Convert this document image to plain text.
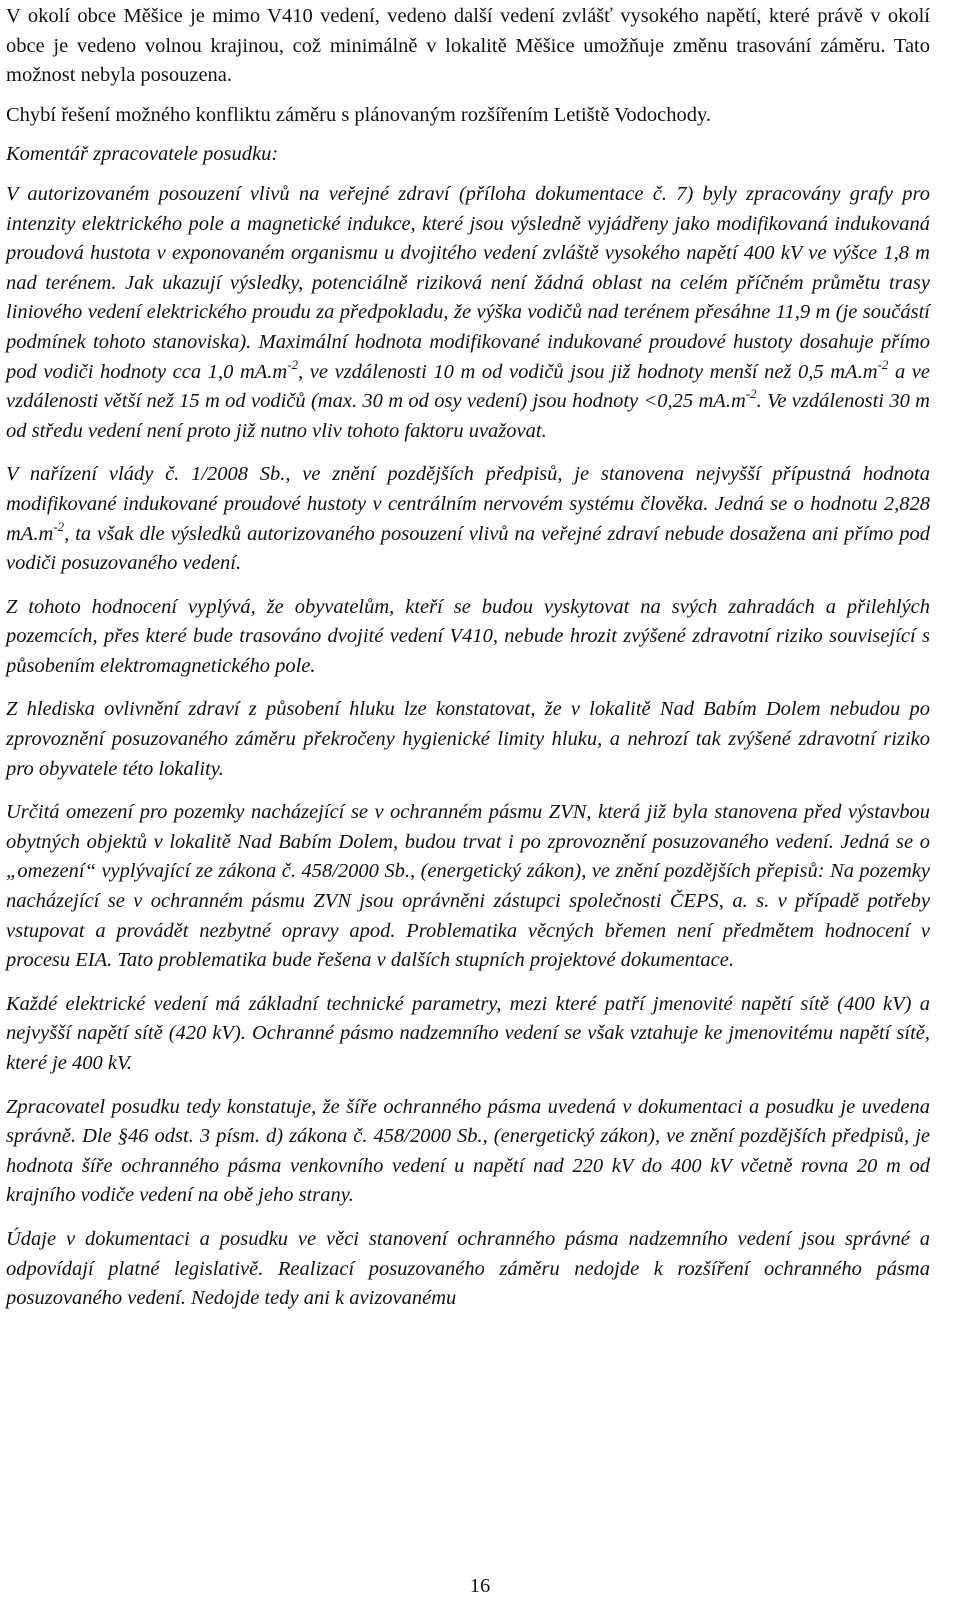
V okolí obce Měšice je mimo V410 vedení, vedeno další vedení zvlášť vysokého napětí, které právě v okolí obce je vedeno volnou krajinou, což minimálně v lokalitě Měšice umožňuje změnu trasování záměru. Tato možnost nebyla posouzena.

Chybí řešení možného konfliktu záměru s plánovaným rozšířením Letiště Vodochody.

Komentář zpracovatele posudku:

V autorizovaném posouzení vlivů na veřejné zdraví (příloha dokumentace č. 7) byly zpracovány grafy pro intenzity elektrického pole a magnetické indukce, které jsou výsledně vyjádřeny jako modifikovaná indukovaná proudová hustota v exponovaném organismu u dvojitého vedení zvláště vysokého napětí 400 kV ve výšce 1,8 m nad terénem. Jak ukazují výsledky, potenciálně riziková není žádná oblast na celém příčném průmětu trasy liniového vedení elektrického proudu za předpokladu, že výška vodičů nad terénem přesáhne 11,9 m (je součástí podmínek tohoto stanoviska). Maximální hodnota modifikované indukované proudové hustoty dosahuje přímo pod vodiči hodnoty cca 1,0 $mA.m^{-2}$, ve vzdálenosti 10 m od vodičů jsou již hodnoty menší než 0,5 $mA.m^{-2}$ a ve vzdálenosti větší než 15 m od vodičů (max. 30 m od osy vedení) jsou hodnoty <0,25 $mA.m^{-2}$. Ve vzdálenosti 30 m od středu vedení není proto již nutno vliv tohoto faktoru uvažovat.

V nařízení vlády č. 1/2008 Sb., ve znění pozdějších předpisů, je stanovena nejvyšší přípustná hodnota modifikované indukované proudové hustoty v centrálním nervovém systému člověka. Jedná se o hodnotu 2,828 $mA.m^{-2}$, ta však dle výsledků autorizovaného posouzení vlivů na veřejné zdraví nebude dosažena ani přímo pod vodiči posuzovaného vedení.

Z tohoto hodnocení vyplývá, že obyvatelům, kteří se budou vyskytovat na svých zahradách a přilehlých pozemcích, přes které bude trasováno dvojité vedení V410, nebude hrozit zvýšené zdravotní riziko související s působením elektromagnetického pole.

Z hlediska ovlivnění zdraví z působení hluku lze konstatovat, že v lokalitě Nad Babím Dolem nebudou po zprovoznění posuzovaného záměru překročeny hygienické limity hluku, a nehrozí tak zvýšené zdravotní riziko pro obyvatele této lokality.

Určitá omezení pro pozemky nacházející se v ochranném pásmu ZVN, která již byla stanovena před výstavbou obytných objektů v lokalitě Nad Babím Dolem, budou trvat i po zprovoznění posuzovaného vedení. Jedná se o „omezení“ vyplývající ze zákona č. 458/2000 Sb., (energetický zákon), ve znění pozdějších přepisů: Na pozemky nacházející se v ochranném pásmu ZVN jsou oprávněni zástupci společnosti ČEPS, a. s. v případě potřeby vstupovat a provádět nezbytné opravy apod. Problematika věcných břemen není předmětem hodnocení v procesu EIA. Tato problematika bude řešena v dalších stupních projektové dokumentace.

Každé elektrické vedení má základní technické parametry, mezi které patří jmenovité napětí sítě (400 kV) a nejvyšší napětí sítě (420 kV). Ochranné pásmo nadzemního vedení se však vztahuje ke jmenovitému napětí sítě, které je 400 kV.

Zpracovatel posudku tedy konstatuje, že šíře ochranného pásma uvedená v dokumentaci a posudku je uvedena správně. Dle §46 odst. 3 písm. d) zákona č. 458/2000 Sb., (energetický zákon), ve znění pozdějších předpisů, je hodnota šíře ochranného pásma venkovního vedení u napětí nad 220 kV do 400 kV včetně rovna 20 m od krajního vodiče vedení na obě jeho strany.

Údaje v dokumentaci a posudku ve věci stanovení ochranného pásma nadzemního vedení jsou správné a odpovídají platné legislativě. Realizací posuzovaného záměru nedojde k rozšíření ochranného pásma posuzovaného vedení. Nedojde tedy ani k avizovanému

16
